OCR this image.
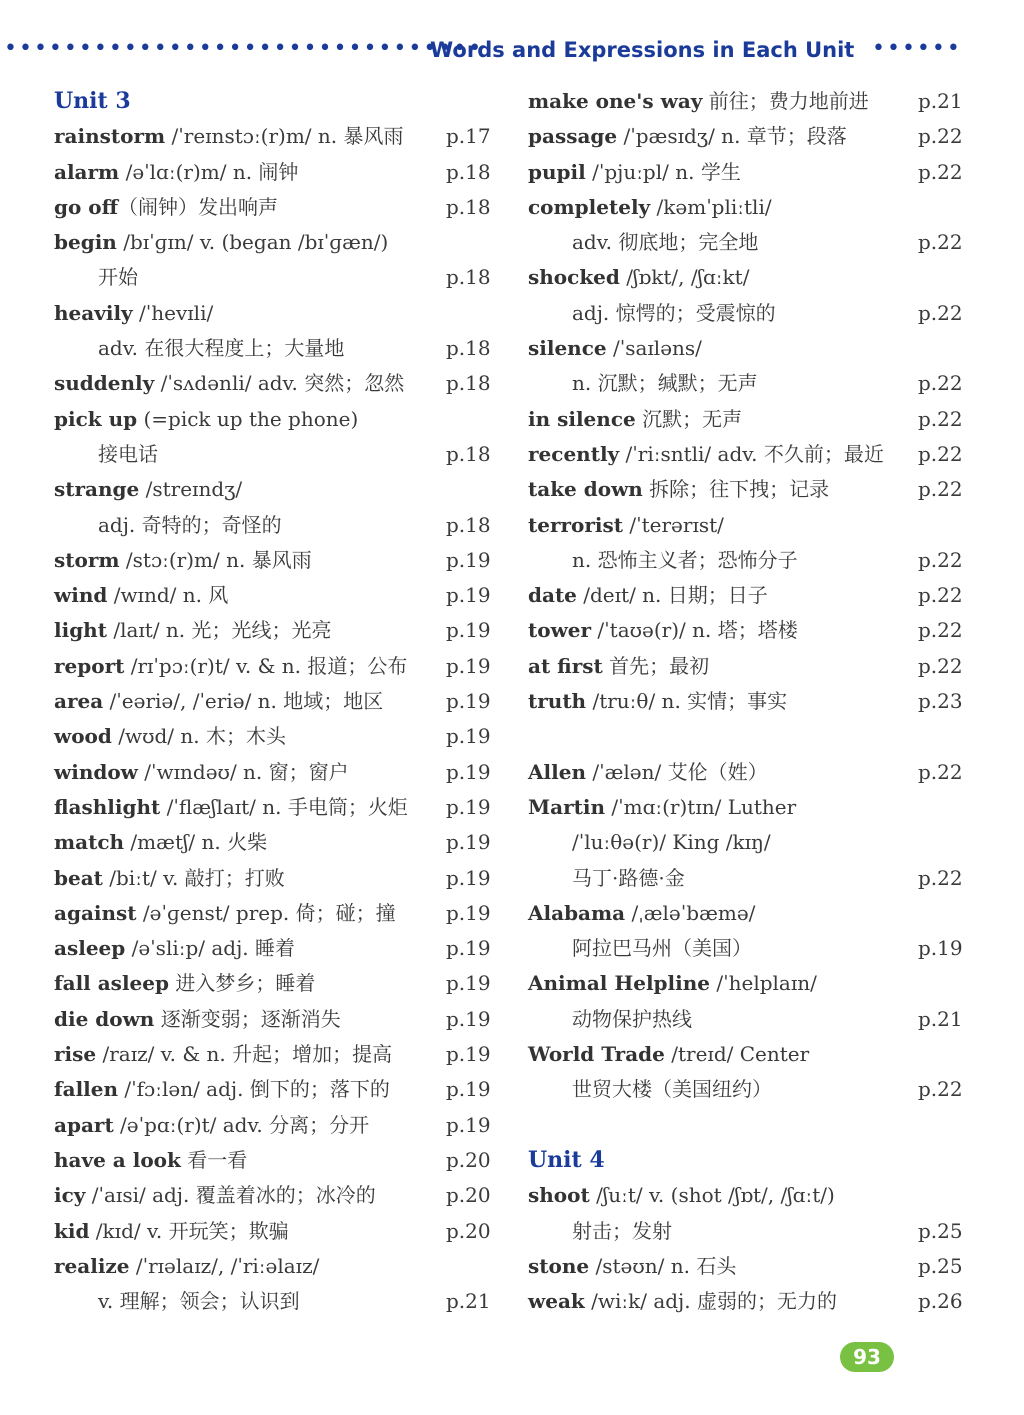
••••••••••••••••••••••••••••••••
Words and Expressions in Each Unit ••••••
Unit 3
rainstorm /ˈreɪnstɔː(r)m/ n. 暴风雨 p.17
alarm /əˈlɑː(r)m/ n. 闹钟	p.18
go off（闹钟）发出响声	p.18
begin /bɪˈɡɪn/ v. (began /bɪˈɡæn/)
开始	p.18
heavily /ˈhevɪli/
adv. 在很大程度上；大量地	p.18
suddenly /ˈsʌdənli/ adv. 突然；忽然 p.18
pick up (=pick up the phone)
接电话	p.18
strange /streɪndʒ/
adj. 奇特的；奇怪的	p.18
storm /stɔː(r)m/ n. 暴风雨	p.19
wind /wɪnd/ n. 风	p.19
light /laɪt/ n. 光；光线；光亮	p.19
report /rɪˈpɔː(r)t/ v. & n. 报道；公布 p.19
area /ˈeəriə/, /ˈeriə/ n. 地域；地区	p.19
wood /wʊd/ n. 木；木头	p.19
window /ˈwɪndəʊ/ n. 窗；窗户	p.19
flashlight /ˈflæʃlaɪt/ n. 手电筒；火炬 p.19
match /mætʃ/ n. 火柴	p.19
beat /biːt/ v. 敲打；打败	p.19
against /əˈɡenst/ prep. 倚；碰；撞	p.19
asleep /əˈsliːp/ adj. 睡着	p.19
fall asleep 进入梦乡；睡着	p.19
die down 逐渐变弱；逐渐消失	p.19
rise /raɪz/ v. & n. 升起；增加；提高	p.19
fallen /ˈfɔːlən/ adj. 倒下的；落下的	p.19
apart /əˈpɑː(r)t/ adv. 分离；分开	p.19
have a look 看一看	p.20
icy /ˈaɪsi/ adj. 覆盖着冰的；冰冷的	p.20
kid /kɪd/ v. 开玩笑；欺骗	p.20
realize /ˈrɪəlaɪz/, /ˈriːəlaɪz/
v. 理解；领会；认识到	p.21
make one's way 前往；费力地前进 p.21
passage /ˈpæsɪdʒ/ n. 章节；段落	p.22
pupil /ˈpjuːpl/ n. 学生	p.22
completely /kəmˈpliːtli/
adv. 彻底地；完全地	p.22
shocked /ʃɒkt/, /ʃɑːkt/
adj. 惊愕的；受震惊的	p.22
silence /ˈsaɪləns/
n. 沉默；缄默；无声	p.22
in silence 沉默；无声	p.22
recently /ˈriːsntli/ adv. 不久前；最近 p.22
take down 拆除；往下拽；记录	p.22
terrorist /ˈterərɪst/
n. 恐怖主义者；恐怖分子	p.22
date /deɪt/ n. 日期；日子	p.22
tower /ˈtaʊə(r)/ n. 塔；塔楼	p.22
at first 首先；最初	p.22
truth /truːθ/ n. 实情；事实	p.23
Allen /ˈælən/ 艾伦（姓）	p.22
Martin /ˈmɑː(r)tɪn/ Luther
/ˈluːθə(r)/ King /kɪŋ/
马丁·路德·金	p.22
Alabama /ˌæləˈbæmə/
阿拉巴马州（美国）	p.19
Animal Helpline /ˈhelplaɪn/
动物保护热线	p.21
World Trade /treɪd/ Center
世贸大楼（美国纽约）	p.22
Unit 4
shoot /ʃuːt/ v. (shot /ʃɒt/, /ʃɑːt/)
射击；发射	p.25
stone /stəʊn/ n. 石头	p.25
weak /wiːk/ adj. 虚弱的；无力的	p.26
93
